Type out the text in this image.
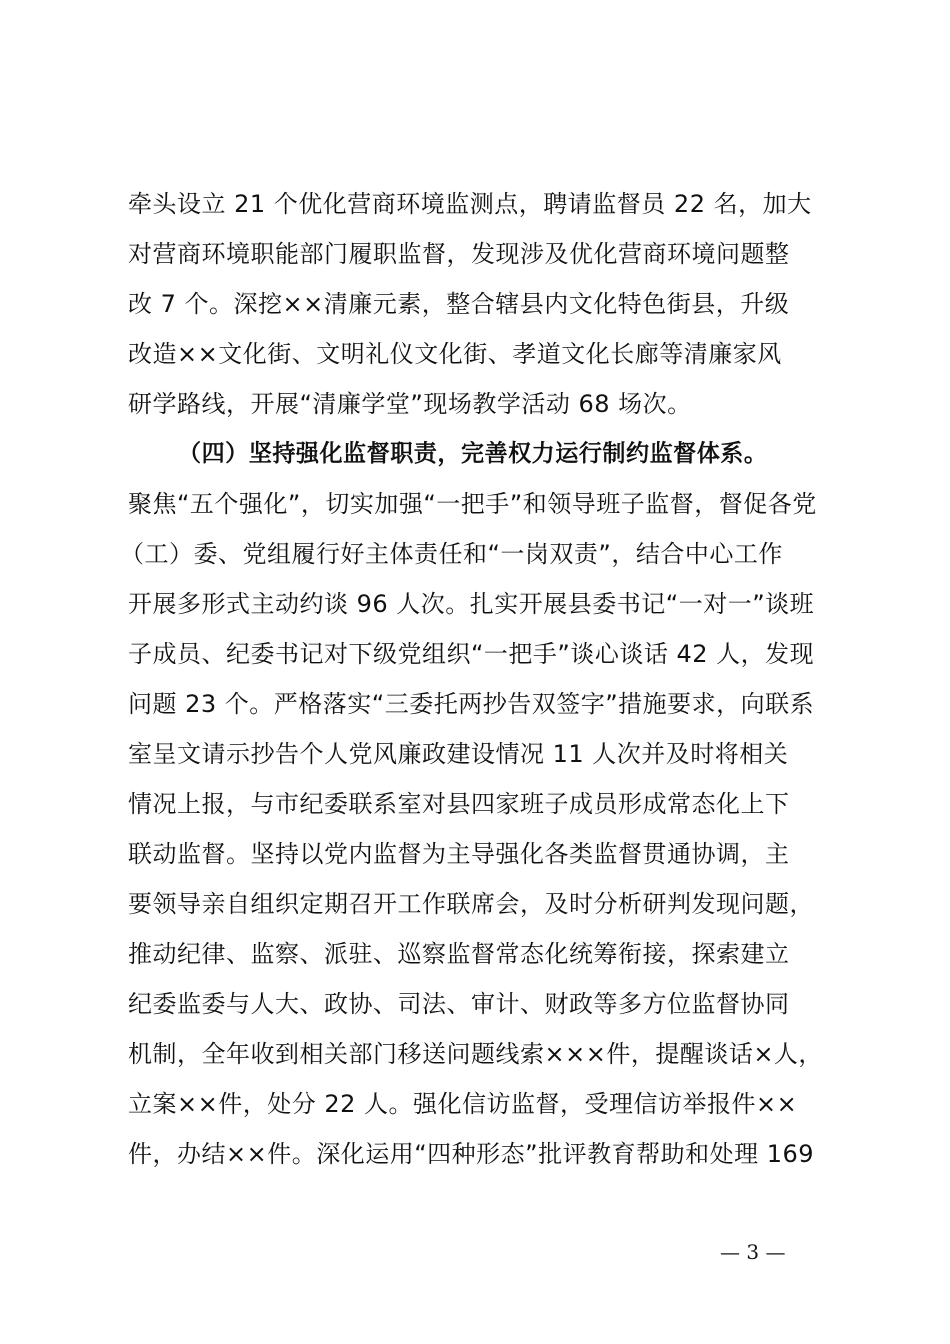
牵头设立 21 个优化营商环境监测点，聘请监督员 22 名，加大
对营商环境职能部门履职监督，发现涉及优化营商环境问题整
改 7 个。深挖××清廉元素，整合辖县内文化特色街县，升级
改造××文化街、文明礼仪文化街、孝道文化长廊等清廉家风
研学路线，开展“清廉学堂”现场教学活动 68 场次。
（四）坚持强化监督职责，完善权力运行制约监督体系。
聚焦“五个强化”，切实加强“一把手”和领导班子监督，督促各党
（工）委、党组履行好主体责任和“一岗双责”，结合中心工作
开展多形式主动约谈 96 人次。扎实开展县委书记“一对一”谈班
子成员、纪委书记对下级党组织“一把手”谈心谈话 42 人，发现
问题 23 个。严格落实“三委托两抄告双签字”措施要求，向联系
室呈文请示抄告个人党风廉政建设情况 11 人次并及时将相关
情况上报，与市纪委联系室对县四家班子成员形成常态化上下
联动监督。坚持以党内监督为主导强化各类监督贯通协调，主
要领导亲自组织定期召开工作联席会，及时分析研判发现问题，
推动纪律、监察、派驻、巡察监督常态化统筹衔接，探索建立
纪委监委与人大、政协、司法、审计、财政等多方位监督协同
机制，全年收到相关部门移送问题线索×××件，提醒谈话×人，
立案××件，处分 22 人。强化信访监督，受理信访举报件××
件，办结××件。深化运用“四种形态”批评教育帮助和处理 169
— 3 —
